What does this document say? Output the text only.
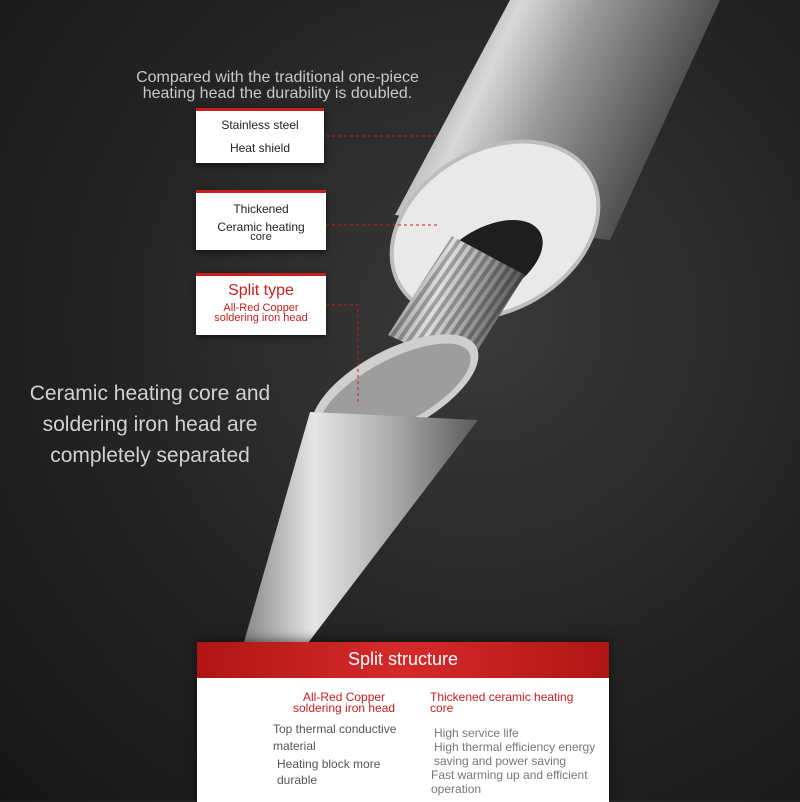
Compared with the traditional one-piece
heating head the durability is doubled.
Stainless steel
Heat shield
Thickened
Ceramic heating
core
Split type
All-Red Copper
soldering iron head
Ceramic heating core and
soldering iron head are
completely separated
Split structure
All-Red Copper
soldering iron head
Top thermal conductive
material
Heating block more
durable
Thickened ceramic heating
core
High service life
High thermal efficiency energy
saving and power saving
Fast warming up and efficient
operation
